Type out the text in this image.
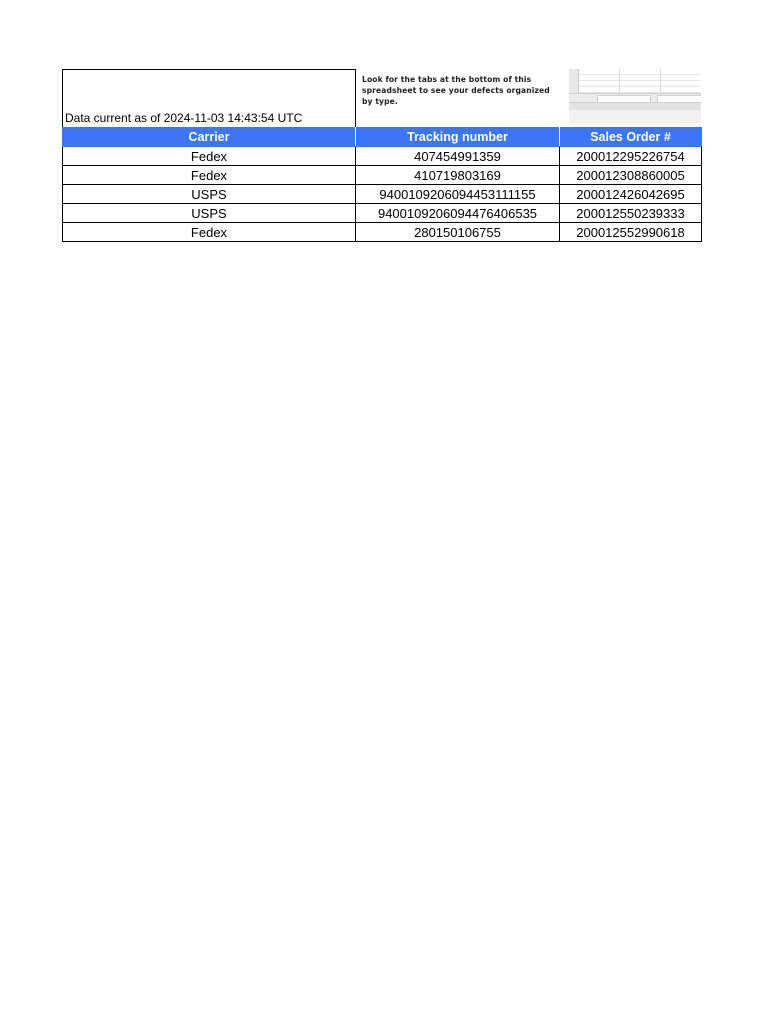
Data current as of 2024-11-03 14:43:54 UTC
Look for the tabs at the bottom of this spreadsheet to see your defects organized by type.
Carrier	Tracking number	Sales Order #
Fedex	407454991359	200012295226754
Fedex	410719803169	200012308860005
USPS	9400109206094453111155	200012426042695
USPS	9400109206094476406535	200012550239333
Fedex	280150106755	200012552990618
